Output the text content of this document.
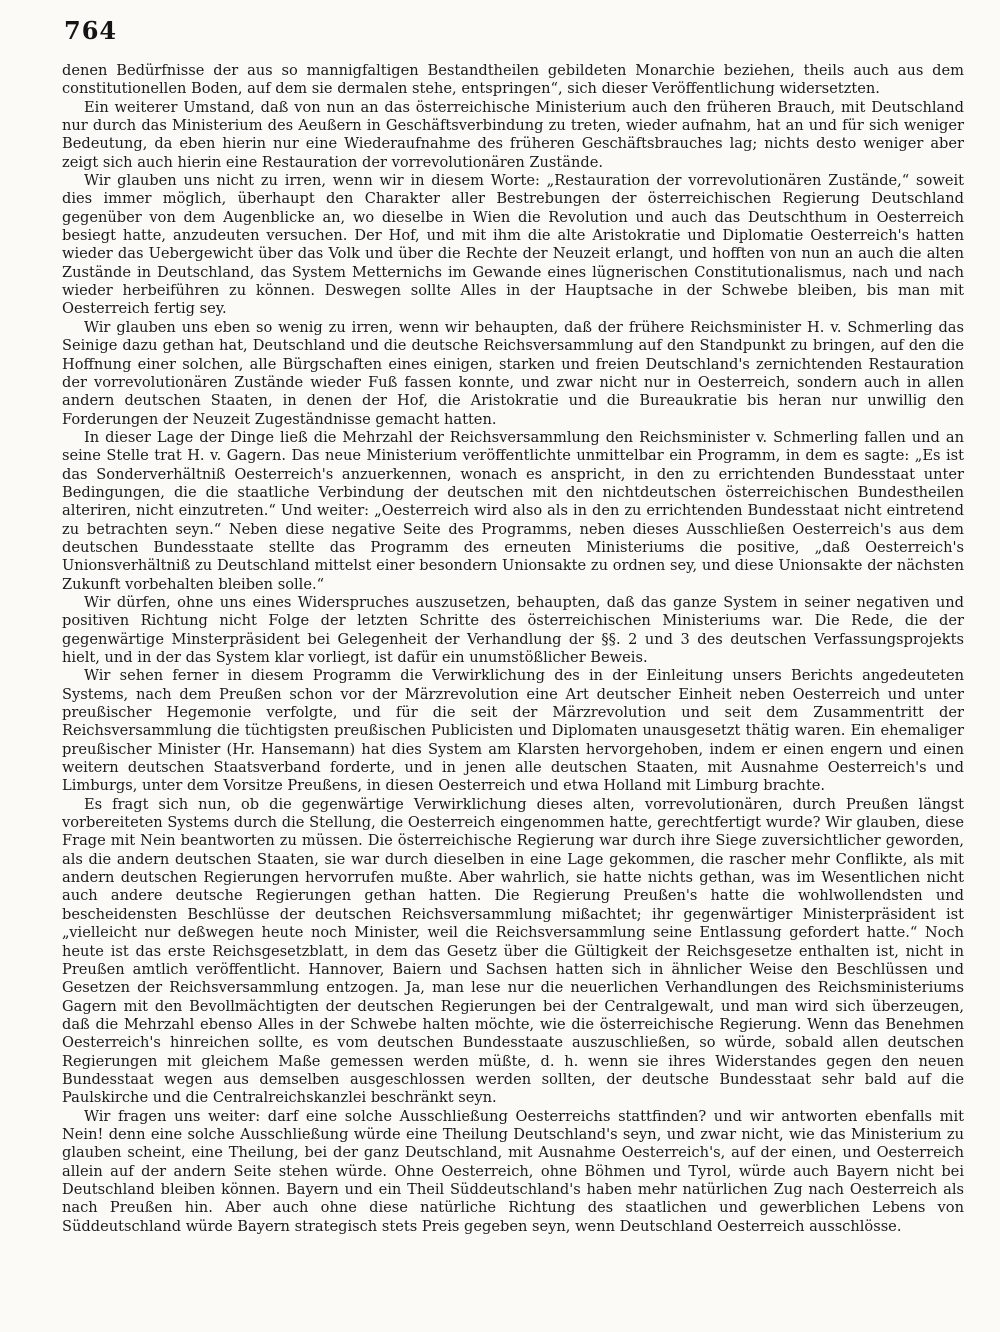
764

denen Bedürfnisse der aus so mannigfaltigen Bestandtheilen gebildeten Monarchie beziehen, theils auch aus dem constitutionellen Boden, auf dem sie dermalen stehe, entspringen“, sich dieser Veröffentlichung widersetzten.

Ein weiterer Umstand, daß von nun an das österreichische Ministerium auch den früheren Brauch, mit Deutschland nur durch das Ministerium des Aeußern in Geschäftsverbindung zu treten, wieder aufnahm, hat an und für sich weniger Bedeutung, da eben hierin nur eine Wiederaufnahme des früheren Geschäftsbrauches lag; nichts desto weniger aber zeigt sich auch hierin eine Restauration der vorrevolutionären Zustände.

Wir glauben uns nicht zu irren, wenn wir in diesem Worte: „Restauration der vorrevolutionären Zustände,“ soweit dies immer möglich, überhaupt den Charakter aller Bestrebungen der österreichischen Regierung Deutschland gegenüber von dem Augenblicke an, wo dieselbe in Wien die Revolution und auch das Deutschthum in Oesterreich besiegt hatte, anzudeuten versuchen. Der Hof, und mit ihm die alte Aristokratie und Diplomatie Oesterreich's hatten wieder das Uebergewicht über das Volk und über die Rechte der Neuzeit erlangt, und hofften von nun an auch die alten Zustände in Deutschland, das System Metternichs im Gewande eines lügnerischen Constitutionalismus, nach und nach wieder herbeiführen zu können. Deswegen sollte Alles in der Hauptsache in der Schwebe bleiben, bis man mit Oesterreich fertig sey.

Wir glauben uns eben so wenig zu irren, wenn wir behaupten, daß der frühere Reichsminister H. v. Schmerling das Seinige dazu gethan hat, Deutschland und die deutsche Reichsversammlung auf den Standpunkt zu bringen, auf den die Hoffnung einer solchen, alle Bürgschaften eines einigen, starken und freien Deutschland's zernichtenden Restauration der vorrevolutionären Zustände wieder Fuß fassen konnte, und zwar nicht nur in Oesterreich, sondern auch in allen andern deutschen Staaten, in denen der Hof, die Aristokratie und die Bureaukratie bis heran nur unwillig den Forderungen der Neuzeit Zugeständnisse gemacht hatten.

In dieser Lage der Dinge ließ die Mehrzahl der Reichsversammlung den Reichsminister v. Schmerling fallen und an seine Stelle trat H. v. Gagern. Das neue Ministerium veröffentlichte unmittelbar ein Programm, in dem es sagte: „Es ist das Sonderverhältniß Oesterreich's anzuerkennen, wonach es anspricht, in den zu errichtenden Bundesstaat unter Bedingungen, die die staatliche Verbindung der deutschen mit den nichtdeutschen österreichischen Bundestheilen alteriren, nicht einzutreten.“ Und weiter: „Oesterreich wird also als in den zu errichtenden Bundesstaat nicht eintretend zu betrachten seyn.“ Neben diese negative Seite des Programms, neben dieses Ausschließen Oesterreich's aus dem deutschen Bundesstaate stellte das Programm des erneuten Ministeriums die positive, „daß Oesterreich's Unionsverhältniß zu Deutschland mittelst einer besondern Unionsakte zu ordnen sey, und diese Unionsakte der nächsten Zukunft vorbehalten bleiben solle.“

Wir dürfen, ohne uns eines Widerspruches auszusetzen, behaupten, daß das ganze System in seiner negativen und positiven Richtung nicht Folge der letzten Schritte des österreichischen Ministeriums war. Die Rede, die der gegenwärtige Minsterpräsident bei Gelegenheit der Verhandlung der §§. 2 und 3 des deutschen Verfassungsprojekts hielt, und in der das System klar vorliegt, ist dafür ein unumstößlicher Beweis.

Wir sehen ferner in diesem Programm die Verwirklichung des in der Einleitung unsers Berichts angedeuteten Systems, nach dem Preußen schon vor der Märzrevolution eine Art deutscher Einheit neben Oesterreich und unter preußischer Hegemonie verfolgte, und für die seit der Märzrevolution und seit dem Zusammentritt der Reichsversammlung die tüchtigsten preußischen Publicisten und Diplomaten unausgesetzt thätig waren. Ein ehemaliger preußischer Minister (Hr. Hansemann) hat dies System am Klarsten hervorgehoben, indem er einen engern und einen weitern deutschen Staatsverband forderte, und in jenen alle deutschen Staaten, mit Ausnahme Oesterreich's und Limburgs, unter dem Vorsitze Preußens, in diesen Oesterreich und etwa Holland mit Limburg brachte.

Es fragt sich nun, ob die gegenwärtige Verwirklichung dieses alten, vorrevolutionären, durch Preußen längst vorbereiteten Systems durch die Stellung, die Oesterreich eingenommen hatte, gerechtfertigt wurde? Wir glauben, diese Frage mit Nein beantworten zu müssen. Die österreichische Regierung war durch ihre Siege zuversichtlicher geworden, als die andern deutschen Staaten, sie war durch dieselben in eine Lage gekommen, die rascher mehr Conflikte, als mit andern deutschen Regierungen hervorrufen mußte. Aber wahrlich, sie hatte nichts gethan, was im Wesentlichen nicht auch andere deutsche Regierungen gethan hatten. Die Regierung Preußen's hatte die wohlwollendsten und bescheidensten Beschlüsse der deutschen Reichsversammlung mißachtet; ihr gegenwärtiger Ministerpräsident ist „vielleicht nur deßwegen heute noch Minister, weil die Reichsversammlung seine Entlassung gefordert hatte.“ Noch heute ist das erste Reichsgesetzblatt, in dem das Gesetz über die Gültigkeit der Reichsgesetze enthalten ist, nicht in Preußen amtlich veröffentlicht. Hannover, Baiern und Sachsen hatten sich in ähnlicher Weise den Beschlüssen und Gesetzen der Reichsversammlung entzogen. Ja, man lese nur die neuerlichen Verhandlungen des Reichsministeriums Gagern mit den Bevollmächtigten der deutschen Regierungen bei der Centralgewalt, und man wird sich überzeugen, daß die Mehrzahl ebenso Alles in der Schwebe halten möchte, wie die österreichische Regierung. Wenn das Benehmen Oesterreich's hinreichen sollte, es vom deutschen Bundesstaate auszuschließen, so würde, sobald allen deutschen Regierungen mit gleichem Maße gemessen werden müßte, d. h. wenn sie ihres Widerstandes gegen den neuen Bundesstaat wegen aus demselben ausgeschlossen werden sollten, der deutsche Bundesstaat sehr bald auf die Paulskirche und die Centralreichskanzlei beschränkt seyn.

Wir fragen uns weiter: darf eine solche Ausschließung Oesterreichs stattfinden? und wir antworten ebenfalls mit Nein! denn eine solche Ausschließung würde eine Theilung Deutschland's seyn, und zwar nicht, wie das Ministerium zu glauben scheint, eine Theilung, bei der ganz Deutschland, mit Ausnahme Oesterreich's, auf der einen, und Oesterreich allein auf der andern Seite stehen würde. Ohne Oesterreich, ohne Böhmen und Tyrol, würde auch Bayern nicht bei Deutschland bleiben können. Bayern und ein Theil Süddeutschland's haben mehr natürlichen Zug nach Oesterreich als nach Preußen hin. Aber auch ohne diese natürliche Richtung des staatlichen und gewerblichen Lebens von Süddeutschland würde Bayern strategisch stets Preis gegeben seyn, wenn Deutschland Oesterreich ausschlösse.
